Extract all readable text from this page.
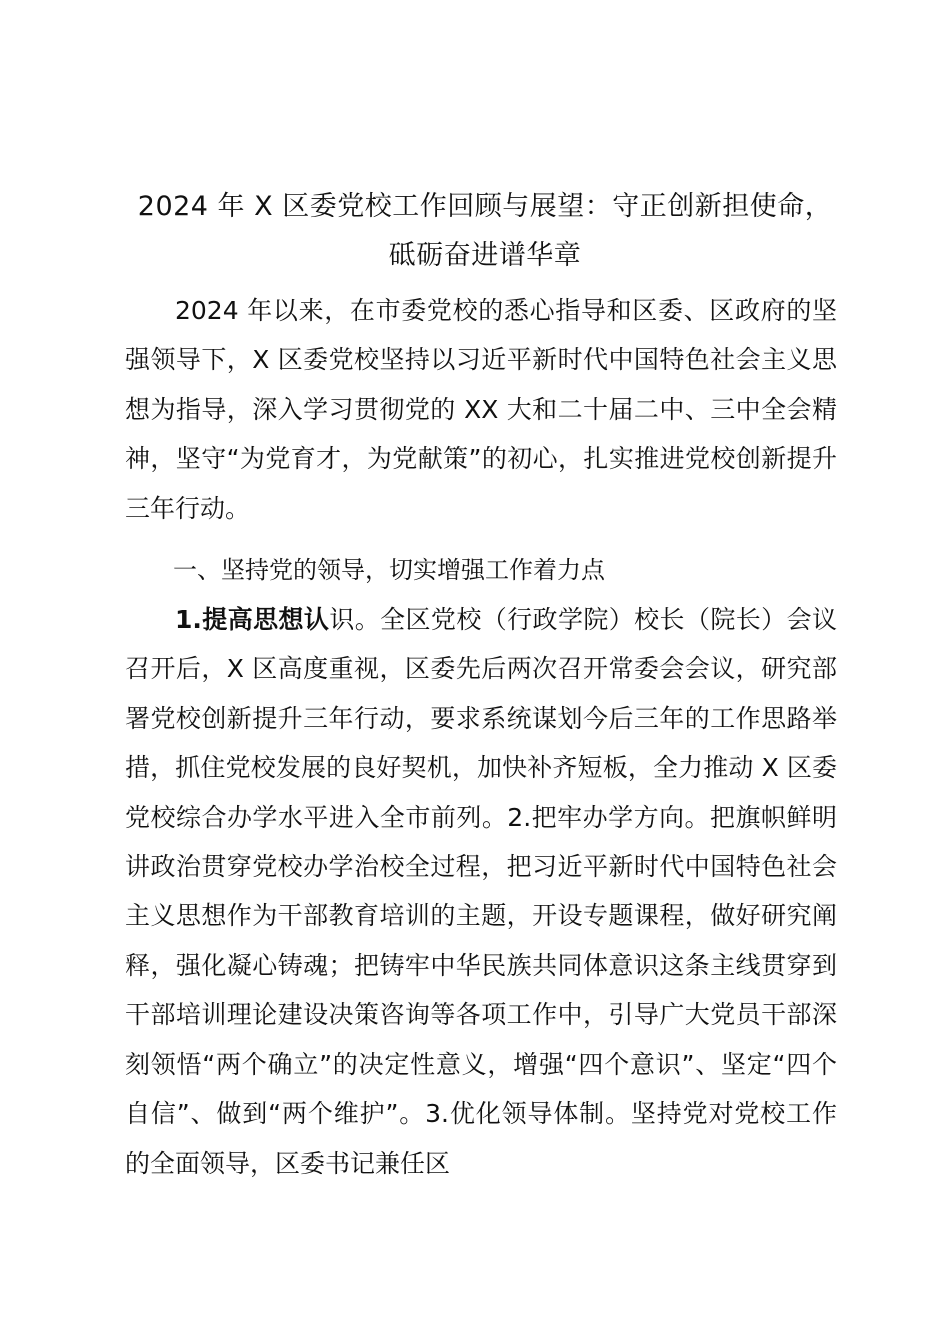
2024 年 X 区委党校工作回顾与展望：守正创新担使命，
砥砺奋进谱华章

2024 年以来，在市委党校的悉心指导和区委、区政府的坚强领导下，X 区委党校坚持以习近平新时代中国特色社会主义思想为指导，深入学习贯彻党的 XX 大和二十届二中、三中全会精神，坚守“为党育才，为党献策”的初心，扎实推进党校创新提升三年行动。

一、坚持党的领导，切实增强工作着力点

1.提高思想认识。全区党校（行政学院）校长（院长）会议召开后，X 区高度重视，区委先后两次召开常委会会议，研究部署党校创新提升三年行动，要求系统谋划今后三年的工作思路举措，抓住党校发展的良好契机，加快补齐短板，全力推动 X 区委党校综合办学水平进入全市前列。2.把牢办学方向。把旗帜鲜明讲政治贯穿党校办学治校全过程，把习近平新时代中国特色社会主义思想作为干部教育培训的主题，开设专题课程，做好研究阐释，强化凝心铸魂；把铸牢中华民族共同体意识这条主线贯穿到干部培训理论建设决策咨询等各项工作中，引导广大党员干部深刻领悟“两个确立”的决定性意义，增强“四个意识”、坚定“四个自信”、做到“两个维护”。3.优化领导体制。坚持党对党校工作的全面领导，区委书记兼任区
